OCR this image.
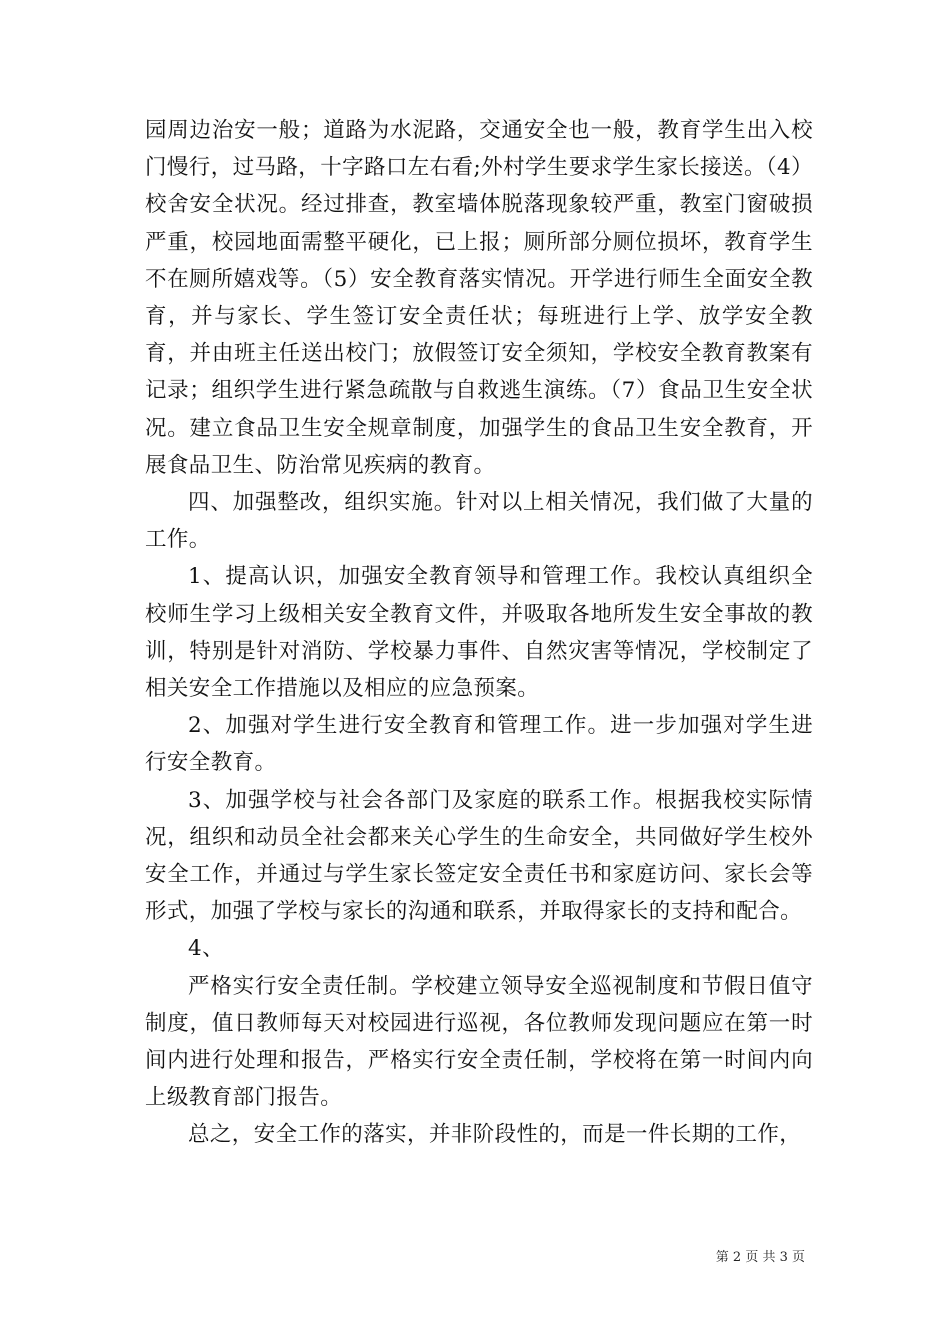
园周边治安一般；道路为水泥路，交通安全也一般，教育学生出入校门慢行，过马路，十字路口左右看;外村学生要求学生家长接送。（4）校舍安全状况。经过排查，教室墙体脱落现象较严重，教室门窗破损严重，校园地面需整平硬化，已上报；厕所部分厕位损坏，教育学生不在厕所嬉戏等。（5）安全教育落实情况。开学进行师生全面安全教育，并与家长、学生签订安全责任状；每班进行上学、放学安全教育，并由班主任送出校门；放假签订安全须知，学校安全教育教案有记录；组织学生进行紧急疏散与自救逃生演练。（7）食品卫生安全状况。建立食品卫生安全规章制度，加强学生的食品卫生安全教育，开展食品卫生、防治常见疾病的教育。

四、加强整改，组织实施。针对以上相关情况，我们做了大量的工作。

1、提高认识，加强安全教育领导和管理工作。我校认真组织全校师生学习上级相关安全教育文件，并吸取各地所发生安全事故的教训，特别是针对消防、学校暴力事件、自然灾害等情况，学校制定了相关安全工作措施以及相应的应急预案。

2、加强对学生进行安全教育和管理工作。进一步加强对学生进行安全教育。

3、加强学校与社会各部门及家庭的联系工作。根据我校实际情况，组织和动员全社会都来关心学生的生命安全，共同做好学生校外安全工作，并通过与学生家长签定安全责任书和家庭访问、家长会等形式，加强了学校与家长的沟通和联系，并取得家长的支持和配合。

4、

严格实行安全责任制。学校建立领导安全巡视制度和节假日值守制度，值日教师每天对校园进行巡视，各位教师发现问题应在第一时间内进行处理和报告，严格实行安全责任制，学校将在第一时间内向上级教育部门报告。

总之，安全工作的落实，并非阶段性的，而是一件长期的工作，

第 2 页 共 3 页
